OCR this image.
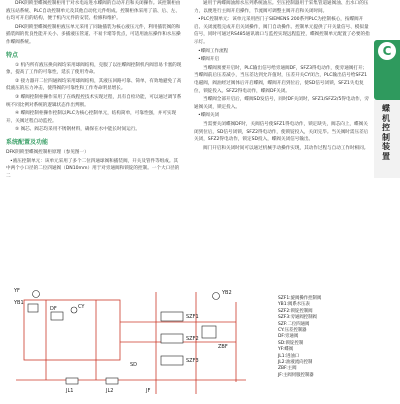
DFK阴锁型蝶阀控制柜用于对水电站进水蝶阀的自动开启和关闭操作。该控制柜由液压站系统、PLC自动控制单元及其他自动化元件组成。控制柜体采用了前、后、左、右均可开启的结构，便于机内元件的安装、检修和维护。

DFK阴锁型蝶阀控制柜液压单元采用了同轴插装为核心液压元件，利用插装阀的和插装阀的优良性能开关小、多插液压管道、不易卡堵等优点，可适用油压操作和水压操作蝶阀系统。

特点

① 机内所有液压换向阀均采用球阀结构，克服了以往蝶阀控制机内阀容易卡塞的现象，提高了工作的可靠性，延长了使用寿命。

② 接力器开二位四通阀均采用球阀结构，其液压回路可靠、简单，有效地避免了高低液压的压力冲击，使得阀的可靠性和工作寿命明显增长。

③ 蝶阀控制柜操作采用了在线程控技术实现过程，具有自检功能，可以通过调节系统不同比例对系统的逻辑状态作出判断。

④ 蝶阀控制柜操作控制以PLC为核心控制单元，结构简单，可靠性强，并可实现开、关阀过程自动监控。

⑤ 阀芯、阀芯均采用不锈钢材料，确保在水中能长时间运行。

系统配置及功能

DFK阴锁型蝶阀控制柜原理（参见图一）

•液压控制单元：该单元采用了多个二位四通球阀和插装阀，开关及管件等组成。其中两个小口径的二位四通阀（DN10mm）用于对旁通阀和锁锭的控制。一个大口径的二

通用于两蝶阀油源水压列系统油压。至压控制器用于采集管道通阀油、出水口的压力，以便进行主阀开启操作，节流阀可调整主阀开启和关闭时间。

•PLC控制单元：该单元采用西门子SIEMENS 200系列PLC为控制核心，按蝶阀开启、关闭流程完成开启关闭操作，阀门自动操作。控制单元提供了开关量信号、模拟量信号，同时可通过RS485通讯端口与监控实现远程监控，蝶阀控制单元配置了必要的指示灯。

•蝶阀工作流程

•蝶阀开启

当蝶阀须要开启时，PLC输出信号给旁通阀DF，SFZ3得电动作，使旁通阀打开；当蝶阀前后压差减小，当压差达到允许值时，压差开关CY闭合，PLC输出信号给SFZ1电磁阀，阀油经过阀体后开启蝶阀，蝶阀开启到位后，使SD信号闭锁，SFZ1失电复位，锁锭投入。SFZ2得电动作，蝶阀DF关闭。

当蝶阀全部开启后，蝶阀SD发信号，同时DF关闭时，SFZ1/SFZ2/5得电动作，旁通阀关闭，锁定投入。

•蝶阀关闭

当需要关闭蝶阀DF时，关阀信号使SFZ1得电动作，锁定缺失，阀芯向上，蝶阀关闭到位后，SD信号闭锁，SFZ2得电动作，使锁锭投入，关闭完毕。当关阀时需压差后关闭，SFZ2得电动作，锁定SD投入，蝶阀关闭信号输出。

阀门开启和关闭时间可以通过机械手动操作实现，其动作过程与自动工作时相同。

C
蝶机控制装置
YF
YB1
DF	CY
YB2
SZF1
SZF2
SZF3
ZBF
JL1	JL2
SD
JF
SZF1:旋阀操作控制阀
YB1:阀系水压表
SZF2:锁锭控制阀
SZF3:旁通阀控制阀
SZF:二位四通阀
CY:压差控制器
DF:旁通阀
SD:锁锭控制
YF:蝶阀
JL1:进油口
JL2:油液流向控制
ZBF:主阀
JF:主阀伺服控制器
